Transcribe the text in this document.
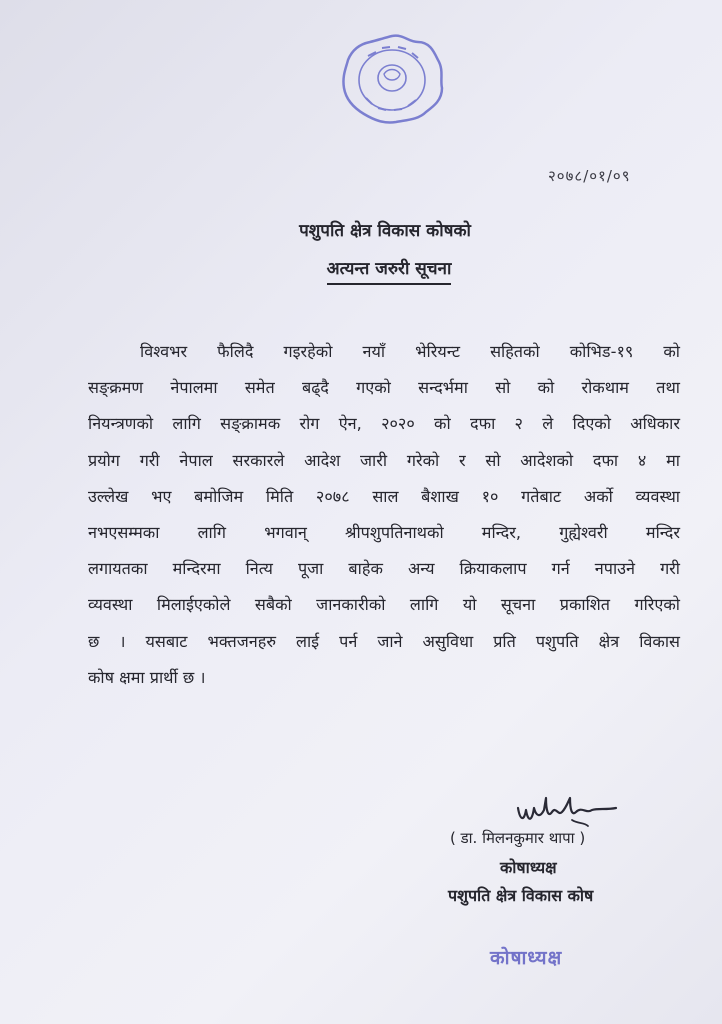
२०७८/०१/०९
पशुपति क्षेत्र विकास कोषको
अत्यन्त जरुरी सूचना
विश्वभर फैलिदै गइरहेको नयाँ भेरियन्ट सहितको कोभिड-१९ को
सङ्क्रमण नेपालमा समेत बढ्दै गएको सन्दर्भमा सो को रोकथाम तथा
नियन्त्रणको लागि सङ्क्रामक रोग ऐन, २०२० को दफा २ ले दिएको अधिकार
प्रयोग गरी नेपाल सरकारले आदेश जारी गरेको र सो आदेशको दफा ४ मा
उल्लेख भए बमोजिम मिति २०७८ साल बैशाख १० गतेबाट अर्को व्यवस्था
नभएसम्मका लागि भगवान् श्रीपशुपतिनाथको मन्दिर, गुह्येश्वरी मन्दिर
लगायतका मन्दिरमा नित्य पूजा बाहेक अन्य क्रियाकलाप गर्न नपाउने गरी
व्यवस्था मिलाईएकोले सबैको जानकारीको लागि यो सूचना प्रकाशित गरिएको
छ । यसबाट भक्तजनहरु लाई पर्न जाने असुविधा प्रति पशुपति क्षेत्र विकास
कोष क्षमा प्रार्थी छ ।
( डा. मिलनकुमार थापा )
कोषाध्यक्ष
पशुपति क्षेत्र विकास कोष
कोषाध्यक्ष
